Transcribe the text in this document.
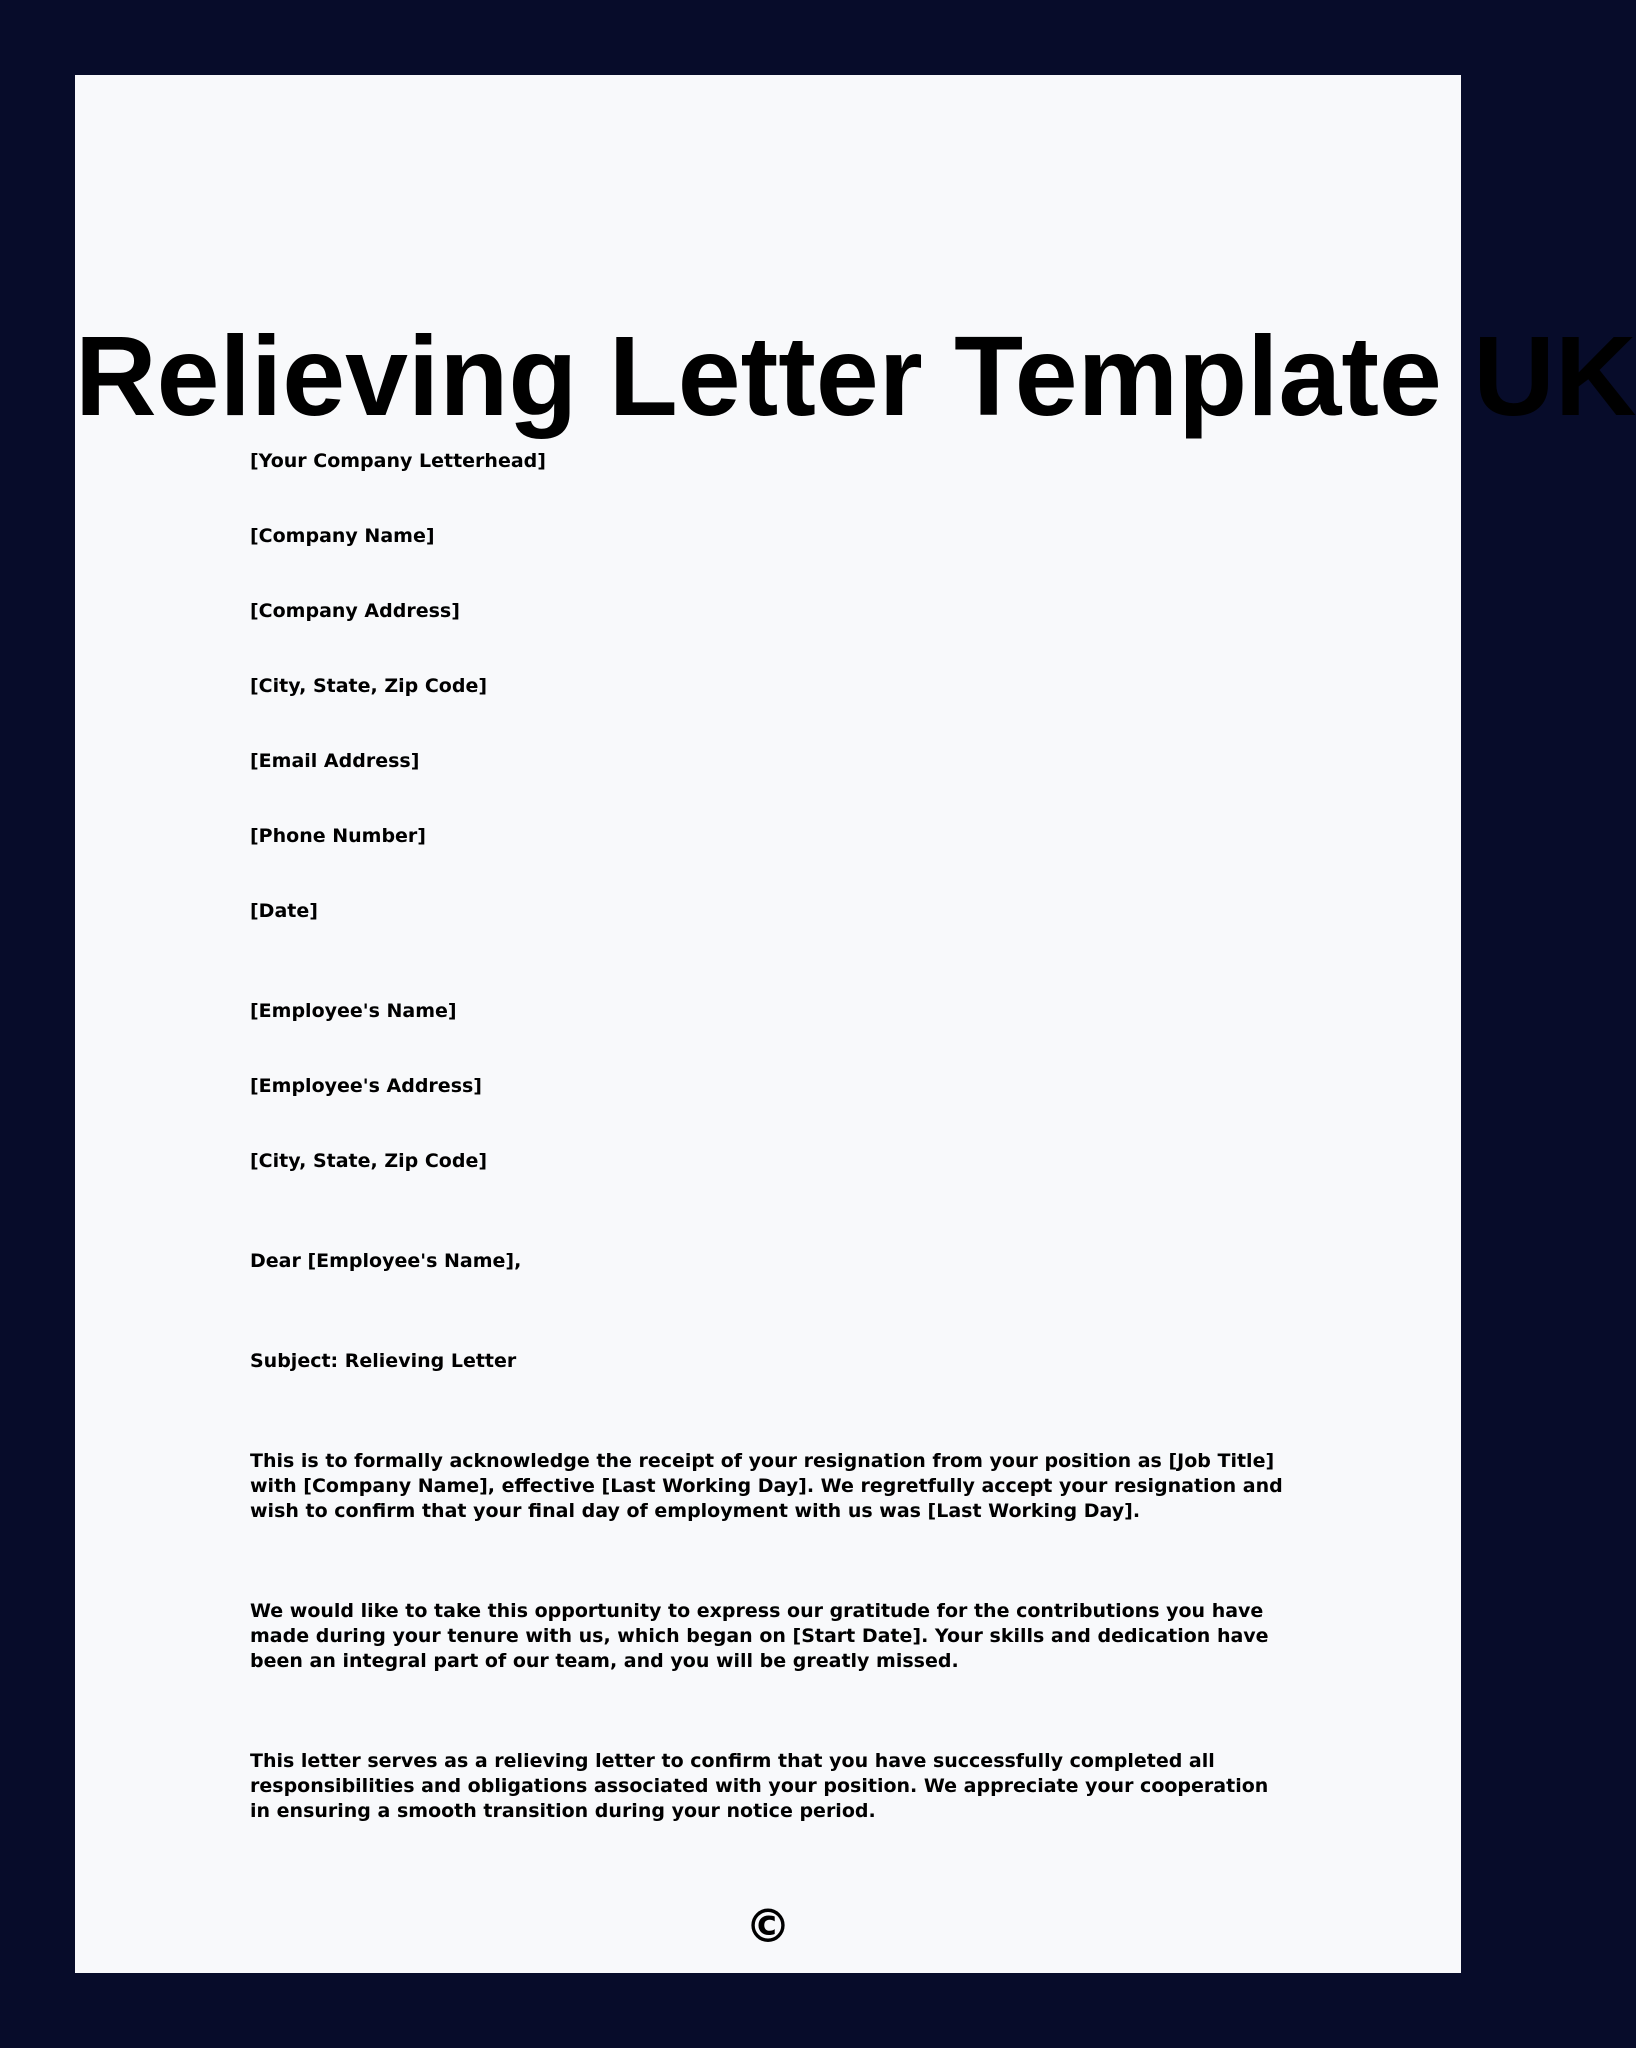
Relieving Letter Template UK

[Your Company Letterhead]

[Company Name]

[Company Address]

[City, State, Zip Code]

[Email Address]

[Phone Number]

[Date]

[Employee's Name]

[Employee's Address]

[City, State, Zip Code]

Dear [Employee's Name],

Subject: Relieving Letter

This is to formally acknowledge the receipt of your resignation from your position as [Job Title] with [Company Name], effective [Last Working Day]. We regretfully accept your resignation and wish to confirm that your final day of employment with us was [Last Working Day].

We would like to take this opportunity to express our gratitude for the contributions you have made during your tenure with us, which began on [Start Date]. Your skills and dedication have been an integral part of our team, and you will be greatly missed.

This letter serves as a relieving letter to confirm that you have successfully completed all responsibilities and obligations associated with your position. We appreciate your cooperation in ensuring a smooth transition during your notice period.

©
